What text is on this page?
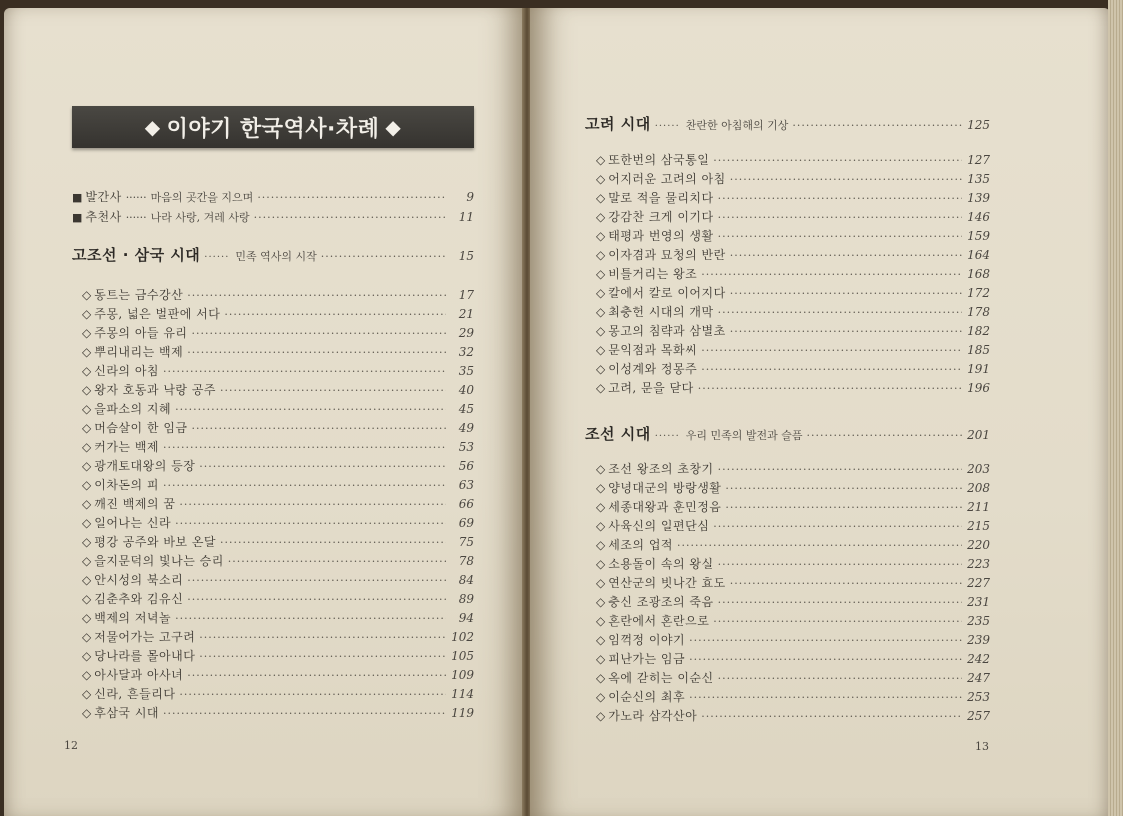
◆ 이야기 한국역사·차례 ◆
■ 발간사 ······ 마음의 곳간을 지으며 ·····	9
■ 추천사 ······ 나라 사랑, 겨레 사랑 ·····	11
고조선 · 삼국 시대 ······ 민족 역사의 시작 ·····	15
◇ 동트는 금수강산 ·····	17
◇ 주몽, 넓은 벌판에 서다 ·····	21
◇ 주몽의 아들 유리 ·····	29
◇ 뿌리내리는 백제 ·····	32
◇ 신라의 아침 ·····	35
◇ 왕자 호동과 낙랑 공주 ·····	40
◇ 을파소의 지혜 ·····	45
◇ 머슴살이 한 임금 ·····	49
◇ 커가는 백제 ·····	53
◇ 광개토대왕의 등장 ·····	56
◇ 이차돈의 피 ·····	63
◇ 깨진 백제의 꿈 ·····	66
◇ 일어나는 신라 ·····	69
◇ 평강 공주와 바보 온달 ·····	75
◇ 을지문덕의 빛나는 승리 ·····	78
◇ 안시성의 북소리 ·····	84
◇ 김춘추와 김유신 ·····	89
◇ 백제의 저녁놀 ·····	94
◇ 저물어가는 고구려 ·····	102
◇ 당나라를 몰아내다 ·····	105
◇ 아사달과 아사녀 ·····	109
◇ 신라, 흔들리다 ·····	114
◇ 후삼국 시대 ·····	119
고려 시대 ······ 찬란한 아침해의 기상 ·····	125
◇ 또한번의 삼국통일 ·····	127
◇ 어지러운 고려의 아침 ·····	135
◇ 말로 적을 물리치다 ·····	139
◇ 강감찬 크게 이기다 ·····	146
◇ 태평과 번영의 생활 ·····	159
◇ 이자겸과 묘청의 반란 ·····	164
◇ 비틀거리는 왕조 ·····	168
◇ 칼에서 칼로 이어지다 ·····	172
◇ 최충헌 시대의 개막 ·····	178
◇ 몽고의 침략과 삼별초 ·····	182
◇ 문익점과 목화씨 ·····	185
◇ 이성계와 정몽주 ·····	191
◇ 고려, 문을 닫다 ·····	196
조선 시대 ······ 우리 민족의 발전과 슬픔 ·····	201
◇ 조선 왕조의 초창기 ·····	203
◇ 양녕대군의 방랑생활 ·····	208
◇ 세종대왕과 훈민정음 ·····	211
◇ 사육신의 일편단심 ·····	215
◇ 세조의 업적 ·····	220
◇ 소용돌이 속의 왕실 ·····	223
◇ 연산군의 빗나간 효도 ·····	227
◇ 충신 조광조의 죽음 ·····	231
◇ 혼란에서 혼란으로 ·····	235
◇ 임꺽정 이야기 ·····	239
◇ 피난가는 임금 ·····	242
◇ 옥에 갇히는 이순신 ·····	247
◇ 이순신의 최후 ·····	253
◇ 가노라 삼각산아 ·····	257
12	13
